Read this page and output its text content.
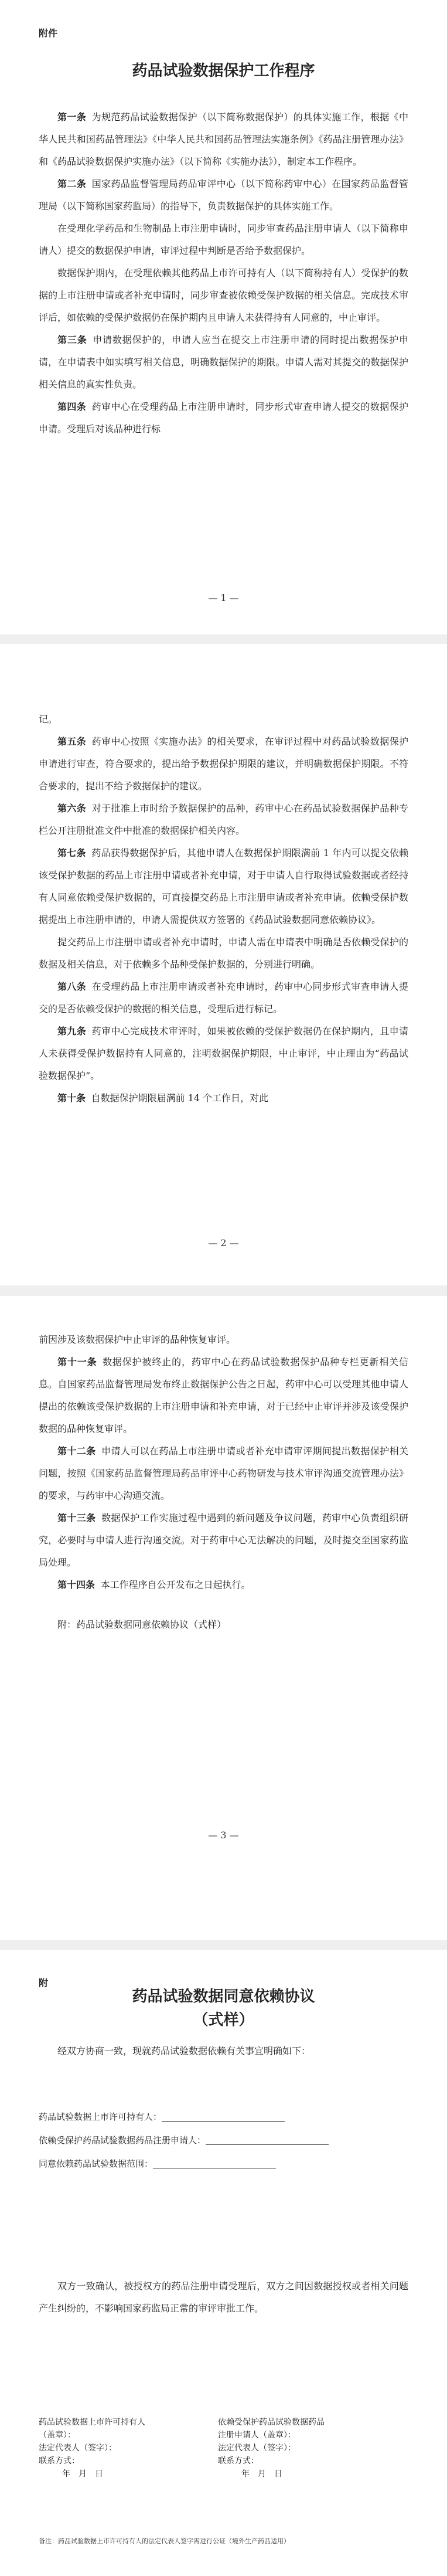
附件
药品试验数据保护工作程序

第一条 为规范药品试验数据保护（以下简称数据保护）的具体实施工作，根据《中华人民共和国药品管理法》《中华人民共和国药品管理法实施条例》《药品注册管理办法》和《药品试验数据保护实施办法》（以下简称《实施办法》），制定本工作程序。

第二条 国家药品监督管理局药品审评中心（以下简称药审中心）在国家药品监督管理局（以下简称国家药监局）的指导下，负责数据保护的具体实施工作。

在受理化学药品和生物制品上市注册申请时，同步审查药品注册申请人（以下简称申请人）提交的数据保护申请，审评过程中判断是否给予数据保护。

数据保护期内，在受理依赖其他药品上市许可持有人（以下简称持有人）受保护的数据的上市注册申请或者补充申请时，同步审查被依赖受保护数据的相关信息。完成技术审评后，如依赖的受保护数据仍在保护期内且申请人未获得持有人同意的，中止审评。

第三条 申请数据保护的，申请人应当在提交上市注册申请的同时提出数据保护申请，在申请表中如实填写相关信息，明确数据保护的期限。申请人需对其提交的数据保护相关信息的真实性负责。

第四条 药审中心在受理药品上市注册申请时，同步形式审查申请人提交的数据保护申请。受理后对该品种进行标

— 1 —

记。

第五条 药审中心按照《实施办法》的相关要求，在审评过程中对药品试验数据保护申请进行审查，符合要求的，提出给予数据保护期限的建议，并明确数据保护期限。不符合要求的，提出不给予数据保护的建议。

第六条 对于批准上市时给予数据保护的品种，药审中心在药品试验数据保护品种专栏公开注册批准文件中批准的数据保护相关内容。

第七条 药品获得数据保护后，其他申请人在数据保护期限满前 1 年内可以提交依赖该受保护数据的药品上市注册申请或者补充申请，对于申请人自行取得试验数据或者经持有人同意依赖受保护数据的，可直接提交药品上市注册申请或者补充申请。依赖受保护数据提出上市注册申请的，申请人需提供双方签署的《药品试验数据同意依赖协议》。

提交药品上市注册申请或者补充申请时，申请人需在申请表中明确是否依赖受保护的数据及相关信息，对于依赖多个品种受保护数据的，分别进行明确。

第八条 在受理药品上市注册申请或者补充申请时，药审中心同步形式审查申请人提交的是否依赖受保护的数据的相关信息，受理后进行标记。

第九条 药审中心完成技术审评时，如果被依赖的受保护数据仍在保护期内，且申请人未获得受保护数据持有人同意的，注明数据保护期限，中止审评，中止理由为“药品试验数据保护”。

第十条 自数据保护期限届满前 14 个工作日，对此

— 2 —

前因涉及该数据保护中止审评的品种恢复审评。

第十一条 数据保护被终止的，药审中心在药品试验数据保护品种专栏更新相关信息。自国家药品监督管理局发布终止数据保护公告之日起，药审中心可以受理其他申请人提出的依赖该受保护数据的上市注册申请和补充申请，对于已经中止审评并涉及该受保护数据的品种恢复审评。

第十二条 申请人可以在药品上市注册申请或者补充申请审评期间提出数据保护相关问题，按照《国家药品监督管理局药品审评中心药物研发与技术审评沟通交流管理办法》的要求，与药审中心沟通交流。

第十三条 数据保护工作实施过程中遇到的新问题及争议问题，药审中心负责组织研究，必要时与申请人进行沟通交流。对于药审中心无法解决的问题，及时提交至国家药监局处理。

第十四条 本工作程序自公开发布之日起执行。

附：药品试验数据同意依赖协议（式样）

— 3 —
附
药品试验数据同意依赖协议
（式样）

经双方协商一致，现就药品试验数据依赖有关事宜明确如下：

药品试验数据上市许可持有人：
依赖受保护药品试验数据药品注册申请人：
同意依赖药品试验数据范围：

双方一致确认，被授权方的药品注册申请受理后，双方之间因数据授权或者相关问题产生纠纷的，不影响国家药监局正常的审评审批工作。

药品试验数据上市许可持有人
（盖章）：
法定代表人（签字）：
联系方式：
年　月　日
依赖受保护药品试验数据药品
注册申请人（盖章）：
法定代表人（签字）：
联系方式：
年　月　日
备注：药品试验数据上市许可持有人的法定代表人签字需进行公证（境外生产药品适用）
